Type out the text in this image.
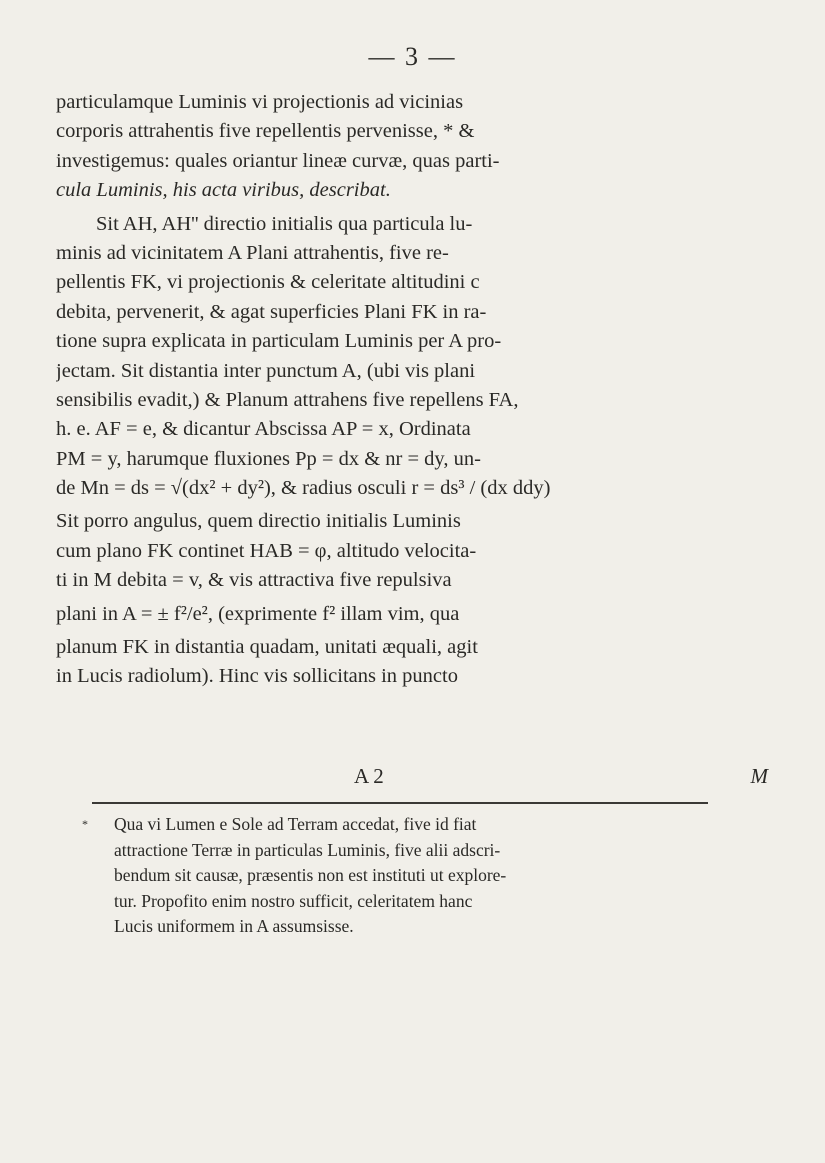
— 3 —
particulamque Luminis vi projectionis ad vicinias
corporis attrahentis five repellentis pervenisse, * &
investigemus: quales oriantur lineæ curvæ, quas parti-
cula Luminis, his acta viribus, describat.
Sit AH, AH'' directio initialis qua particula lu-
minis ad vicinitatem A Plani attrahentis, five re-
pellentis FK, vi projectionis & celeritate altitudini c
debita, pervenerit, & agat superficies Plani FK in ra-
tione supra explicata in particulam Luminis per A pro-
jectam. Sit distantia inter punctum A, (ubi vis plani
sensibilis evadit,) & Planum attrahens five repellens FA,
h. e. AF = e, & dicantur Abscissa AP = x, Ordinata
PM = y, harumque fluxiones Pp = dx & nr = dy, un-
de Mn = ds = √(dx² + dy²), & radius osculi r = ds³ / (dx ddy)
Sit porro angulus, quem directio initialis Luminis
cum plano FK continet HAB = φ, altitudo velocita-
ti in M debita = v, & vis attractiva five repulsiva
plani in A = ± f²/e², (exprimente f² illam vim, qua
planum FK in distantia quadam, unitati æquali, agit
in Lucis radiolum). Hinc vis sollicitans in puncto
A 2	M
* Qua vi Lumen e Sole ad Terram accedat, five id fiat
attractione Terræ in particulas Luminis, five alii adscri-
bendum sit causæ, præsentis non est instituti ut explore-
tur. Propofito enim nostro sufficit, celeritatem hanc
Lucis uniformem in A assumsisse.
